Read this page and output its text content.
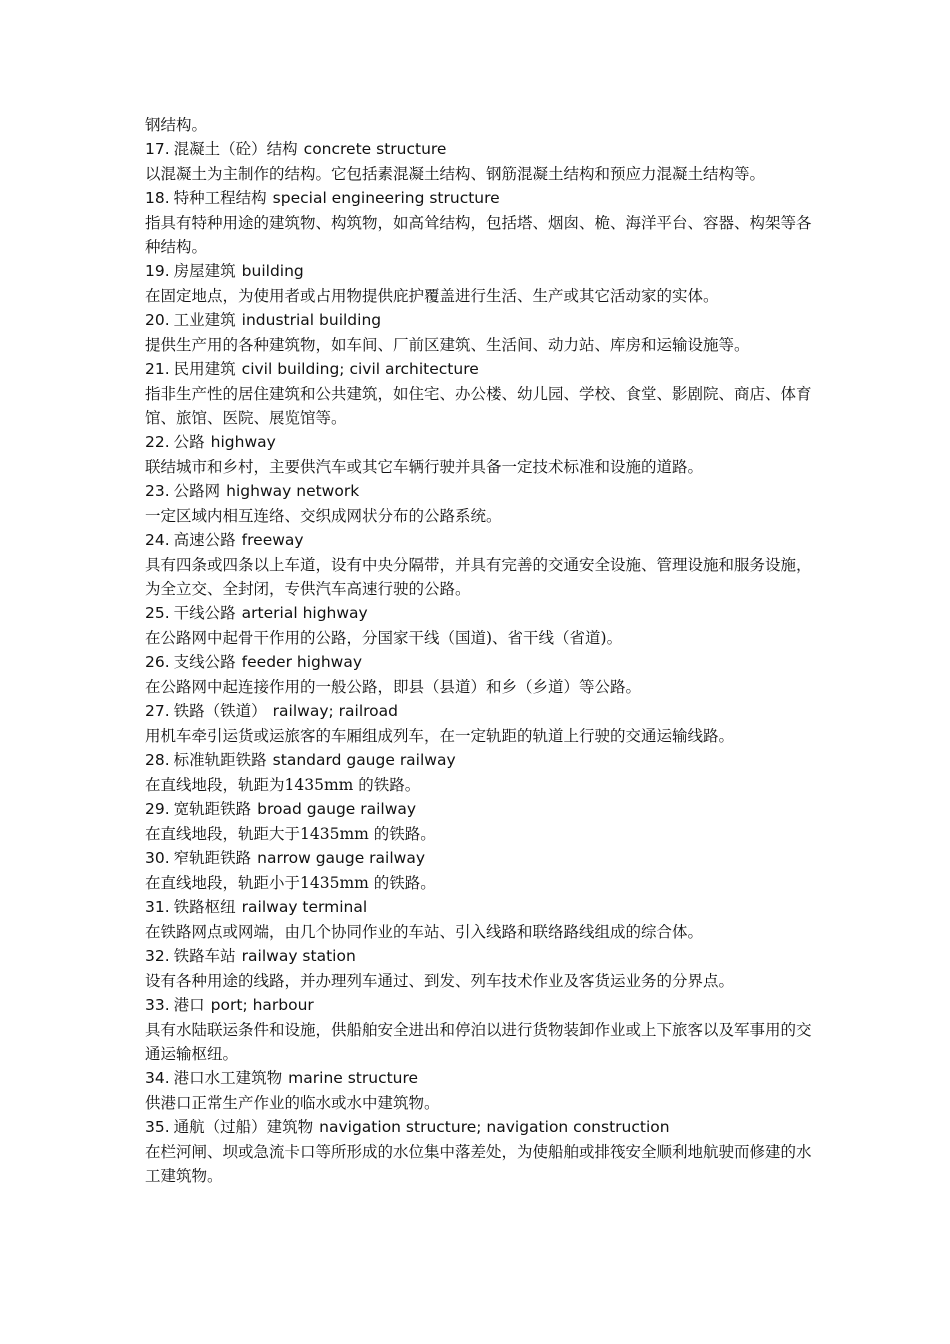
钢结构。

17. 混凝土（砼）结构 concrete structure

以混凝土为主制作的结构。它包括素混凝土结构、钢筋混凝土结构和预应力混凝土结构等。

18. 特种工程结构 special engineering structure

指具有特种用途的建筑物、构筑物，如高耸结构，包括塔、烟囱、桅、海洋平台、容器、构架等各种结构。

19. 房屋建筑 building

在固定地点，为使用者或占用物提供庇护覆盖进行生活、生产或其它活动家的实体。

20. 工业建筑 industrial building

提供生产用的各种建筑物，如车间、厂前区建筑、生活间、动力站、库房和运输设施等。

21. 民用建筑 civil building; civil architecture

指非生产性的居住建筑和公共建筑，如住宅、办公楼、幼儿园、学校、食堂、影剧院、商店、体育馆、旅馆、医院、展览馆等。

22. 公路 highway

联结城市和乡村，主要供汽车或其它车辆行驶并具备一定技术标准和设施的道路。

23. 公路网 highway network

一定区域内相互连络、交织成网状分布的公路系统。

24. 高速公路 freeway

具有四条或四条以上车道，设有中央分隔带，并具有完善的交通安全设施、管理设施和服务设施，为全立交、全封闭，专供汽车高速行驶的公路。

25. 干线公路 arterial highway

在公路网中起骨干作用的公路，分国家干线（国道)、省干线（省道)。

26. 支线公路 feeder highway

在公路网中起连接作用的一般公路，即县（县道）和乡（乡道）等公路。

27. 铁路（铁道） railway; railroad

用机车牵引运货或运旅客的车厢组成列车，在一定轨距的轨道上行驶的交通运输线路。

28. 标准轨距铁路 standard gauge railway

在直线地段，轨距为1435mm 的铁路。

29. 宽轨距铁路 broad gauge railway

在直线地段，轨距大于1435mm 的铁路。

30. 窄轨距铁路 narrow gauge railway

在直线地段，轨距小于1435mm 的铁路。

31. 铁路枢纽 railway terminal

在铁路网点或网端，由几个协同作业的车站、引入线路和联络路线组成的综合体。

32. 铁路车站 railway station

设有各种用途的线路，并办理列车通过、到发、列车技术作业及客货运业务的分界点。

33. 港口 port; harbour

具有水陆联运条件和设施，供船舶安全进出和停泊以进行货物装卸作业或上下旅客以及军事用的交通运输枢纽。

34. 港口水工建筑物 marine structure

供港口正常生产作业的临水或水中建筑物。

35. 通航（过船）建筑物 navigation structure; navigation construction

在栏河闸、坝或急流卡口等所形成的水位集中落差处，为使船舶或排筏安全顺利地航驶而修建的水工建筑物。
